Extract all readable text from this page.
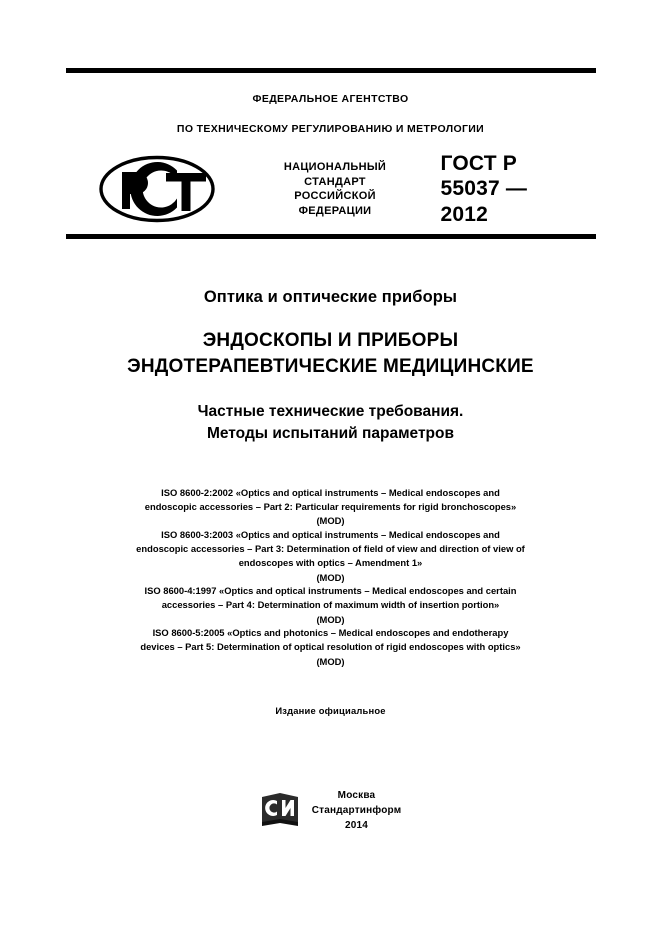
ФЕДЕРАЛЬНОЕ АГЕНТСТВО
ПО ТЕХНИЧЕСКОМУ РЕГУЛИРОВАНИЮ И МЕТРОЛОГИИ
НАЦИОНАЛЬНЫЙ
СТАНДАРТ
РОССИЙСКОЙ
ФЕДЕРАЦИИ
ГОСТ Р
55037 —
2012
Оптика и оптические приборы
ЭНДОСКОПЫ И ПРИБОРЫ
ЭНДОТЕРАПЕВТИЧЕСКИЕ МЕДИЦИНСКИЕ
Частные технические требования.
Методы испытаний параметров
ISO 8600-2:2002 «Optics and optical instruments – Medical endoscopes and
endoscopic accessories – Part 2: Particular requirements for rigid bronchoscopes»
(MOD)
ISO 8600-3:2003 «Optics and optical instruments – Medical endoscopes and
endoscopic accessories – Part 3: Determination of field of view and direction of view of
endoscopes with optics – Amendment 1»
(MOD)
ISO 8600-4:1997 «Optics and optical instruments – Medical endoscopes and certain
accessories – Part 4: Determination of maximum width of insertion portion»
(MOD)
ISO 8600-5:2005 «Optics and photonics – Medical endoscopes and endotherapy
devices – Part 5: Determination of optical resolution of rigid endoscopes with optics»
(MOD)
Издание официальное
Москва
Стандартинформ
2014
